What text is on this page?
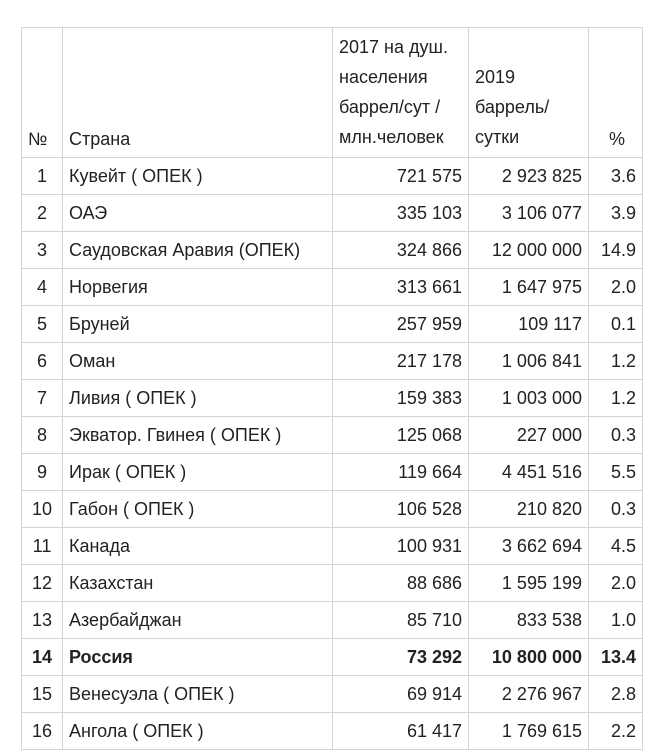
№	Страна	2017 на душ. населения баррел/сут / млн.человек	2019 баррель/ сутки	%
1	Кувейт ( ОПЕК )	721 575	2 923 825	3.6
2	ОАЭ	335 103	3 106 077	3.9
3	Саудовская Аравия (ОПЕК)	324 866	12 000 000	14.9
4	Норвегия	313 661	1 647 975	2.0
5	Бруней	257 959	109 117	0.1
6	Оман	217 178	1 006 841	1.2
7	Ливия ( ОПЕК )	159 383	1 003 000	1.2
8	Экватор. Гвинея ( ОПЕК )	125 068	227 000	0.3
9	Ирак ( ОПЕК )	119 664	4 451 516	5.5
10	Габон ( ОПЕК )	106 528	210 820	0.3
11	Канада	100 931	3 662 694	4.5
12	Казахстан	88 686	1 595 199	2.0
13	Азербайджан	85 710	833 538	1.0
14	Россия	73 292	10 800 000	13.4
15	Венесуэла ( ОПЕК )	69 914	2 276 967	2.8
16	Ангола ( ОПЕК )	61 417	1 769 615	2.2
